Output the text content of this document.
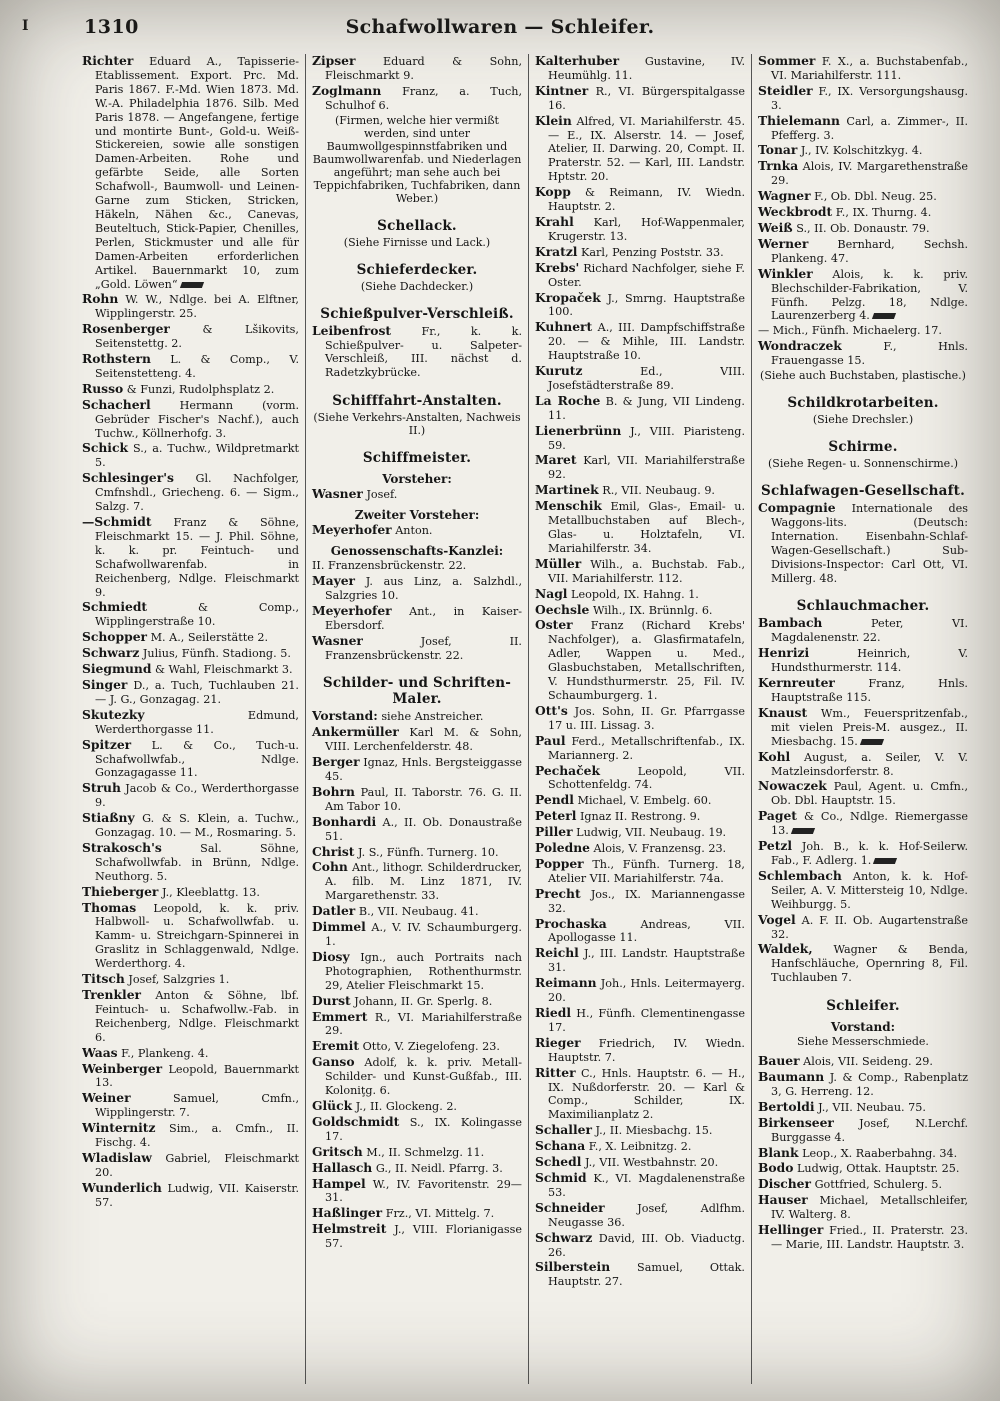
I	1310	Schafwollwaren — Schleifer.
Richter Eduard A., Tapisserie-Etablissement. Export. Prc. Md. Paris 1867. F.-Md. Wien 1873. Md. W.-A. Philadelphia 1876. Silb. Med Paris 1878. — Angefangene, fertige und montirte Bunt-, Gold-u. Weiß-Stickereien, sowie alle sonstigen Damen-Arbeiten. Rohe und gefärbte Seide, alle Sorten Schafwoll-, Baumwoll- und Leinen-Garne zum Sticken, Stricken, Häkeln, Nähen &c., Canevas, Beuteltuch, Stick-Papier, Chenilles, Perlen, Stickmuster und alle für Damen-Arbeiten erforderlichen Artikel. Bauernmarkt 10, zum „Gold. Löwen“
Rohn W. W., Ndlge. bei A. Elftner, Wipplingerstr. 25.
Rosenberger	& Lšikovits, Seitenstettg. 2.
Rothstern L. & Comp., V. Seitenstetteng. 4.
Russo & Funzi, Rudolphsplatz 2.
Schacherl	Hermann (vorm. Gebrüder Fischer's Nachf.), auch Tuchw., Köllnerhofg. 3.
Schick S., a. Tuchw., Wildpretmarkt 5.
Schlesinger's Gl. Nachfolger, Cmfnshdl., Griecheng. 6. — Sigm., Salzg. 7.
—Schmidt Franz & Söhne, Fleischmarkt 15. — J. Phil. Söhne, k. k. pr. Feintuch- und Schafwollwarenfab. in Reichenberg, Ndlge. Fleischmarkt 9.
Schmiedt	& Comp., Wipplingerstraße 10.
Schopper M. A., Seilerstätte 2.
Schwarz Julius, Fünfh. Stadiong. 5.
Siegmund & Wahl, Fleischmarkt 3.
Singer D., a. Tuch, Tuchlauben 21. — J. G., Gonzagag. 21.
Skutezky	Edmund, Werderthorgasse 11.
Spitzer L. & Co., Tuch-u. Schafwollwfab., Ndlge. Gonzagagasse 11.
Struh Jacob & Co., Werderthorgasse 9.
Stiaßny G. & S. Klein, a. Tuchw., Gonzagag. 10. — M., Rosmaring. 5.
Strakosch's	Sal. Söhne, Schafwollwfab. in Brünn, Ndlge. Neuthorg. 5.
Thieberger J., Kleeblattg. 13.
Thomas Leopold, k. k. priv. Halbwoll- u. Schafwollwfab. u. Kamm- u. Streichgarn-Spinnerei in Graslitz in Schlaggenwald, Ndlge. Werderthorg. 4.
Titsch Josef, Salzgries 1.
Trenkler Anton & Söhne, lbf. Feintuch- u. Schafwollw.-Fab. in Reichenberg, Ndlge. Fleischmarkt 6.
Waas F., Plankeng. 4.
Weinberger Leopold, Bauernmarkt 13.
Weiner	Samuel, Cmfn., Wipplingerstr. 7.
Winternitz Sim., a. Cmfn., II. Fischg. 4.
Wladislaw Gabriel, Fleischmarkt 20.
Wunderlich Ludwig, VII. Kaiserstr. 57.
Zipser Eduard & Sohn, Fleischmarkt 9.
Zoglmann Franz, a. Tuch, Schulhof 6.
(Firmen, welche hier vermißt werden, sind unter Baumwollgespinnstfabriken und Baumwollwarenfab. und Niederlagen angeführt; man sehe auch bei Teppichfabriken, Tuchfabriken, dann Weber.)
Schellack.
(Siehe Firnisse und Lack.)
Schieferdecker.
(Siehe Dachdecker.)
Schießpulver-Verschleiß.
Leibenfrost	Fr., k. k. Schießpulver- u. Salpeter-Verschleiß, III. nächst d. Radetzkybrücke.
Schifffahrt-Anstalten.
(Siehe Verkehrs-Anstalten, Nachweis II.)
Schiffmeister.
Vorsteher:
Wasner Josef.
Zweiter Vorsteher:
Meyerhofer Anton.
Genossenschafts-Kanzlei:
II. Franzensbrückenstr. 22.
Mayer J. aus Linz, a. Salzhdl., Salzgries 10.
Meyerhofer Ant., in Kaiser-Ebersdorf.
Wasner	Josef, II. Franzensbrückenstr. 22.
Schilder- und Schriften-Maler.
Vorstand: siehe Anstreicher.
Ankermüller Karl M. & Sohn, VIII. Lerchenfelderstr. 48.
Berger Ignaz, Hnls. Bergsteiggasse 45.
Bohrn Paul, II. Taborstr. 76. G. II. Am Tabor 10.
Bonhardi A., II. Ob. Donaustraße 51.
Christ J. S., Fünfh. Turnerg. 10.
Cohn Ant., lithogr. Schilderdrucker, A. filb. M. Linz 1871, IV. Margarethenstr. 33.
Datler B., VII. Neubaug. 41.
Dimmel A., V. IV. Schaumburgerg. 1.
Diosy Ign., auch Portraits nach Photographien, Rothenthurmstr. 29, Atelier Fleischmarkt 15.
Durst Johann, II. Gr. Sperlg. 8.
Emmert R., VI. Mariahilferstraße 29.
Eremit Otto, V. Ziegelofeng. 23.
Ganso Adolf, k. k. priv. Metall-Schilder- und Kunst-Gußfab., III. Koloniţg. 6.
Glück J., II. Glockeng. 2.
Goldschmidt S., IX. Kolingasse 17.
Gritsch M., II. Schmelzg. 11.
Hallasch G., II. Neidl. Pfarrg. 3.
Hampel W., IV. Favoritenstr. 29—31.
Haßlinger Frz., VI. Mittelg. 7.
Helmstreit J., VIII. Florianigasse 57.
Kalterhuber Gustavine, IV. Heumühlg. 11.
Kintner R., VI. Bürgerspitalgasse 16.
Klein Alfred, VI. Mariahilferstr. 45. — E., IX. Alserstr. 14. — Josef, Atelier, II. Darwing. 20, Compt. II. Praterstr. 52. — Karl, III. Landstr. Hptstr. 20.
Kopp & Reimann, IV. Wiedn. Hauptstr. 2.
Krahl Karl, Hof-Wappenmaler, Krugerstr. 13.
Kratzl Karl, Penzing Poststr. 33.
Krebs' Richard Nachfolger, siehe F. Oster.
Kropaček J., Smrng. Hauptstraße 100.
Kuhnert A., III. Dampfschiffstraße 20. — & Mihle, III. Landstr. Hauptstraße 10.
Kurutz	Ed., VIII. Josefstädterstraße 89.
La Roche B. & Jung, VII Lindeng. 11.
Lienerbrünn J., VIII. Piaristeng. 59.
Maret Karl, VII. Mariahilferstraße 92.
Martinek R., VII. Neubaug. 9.
Menschik Emil, Glas-, Email- u. Metallbuchstaben auf Blech-, Glas- u. Holztafeln, VI. Mariahilferstr. 34.
Müller Wilh., a. Buchstab. Fab., VII. Mariahilferstr. 112.
Nagl Leopold, IX. Hahng. 1.
Oechsle Wilh., IX. Brünnlg. 6.
Oster Franz (Richard Krebs' Nachfolger), a. Glasfirmatafeln, Adler, Wappen u. Med., Glasbuchstaben, Metallschriften, V. Hundsthurmerstr. 25, Fil. IV. Schaumburgerg. 1.
Ott's Jos. Sohn, II. Gr. Pfarrgasse 17 u. III. Lissag. 3.
Paul Ferd., Metallschriftenfab., IX. Mariannerg. 2.
Pechaček	Leopold, VII. Schottenfeldg. 74.
Pendl Michael, V. Embelg. 60.
Peterl Ignaz II. Restrong. 9.
Piller Ludwig, VII. Neubaug. 19.
Poledne Alois, V. Franzensg. 23.
Popper Th., Fünfh. Turnerg. 18, Atelier VII. Mariahilferstr. 74a.
Precht Jos., IX. Mariannengasse 32.
Prochaska	Andreas, VII. Apollogasse 11.
Reichl J., III. Landstr. Hauptstraße 31.
Reimann Joh., Hnls. Leitermayerg. 20.
Riedl H., Fünfh. Clementinengasse 17.
Rieger Friedrich, IV. Wiedn. Hauptstr. 7.
Ritter C., Hnls. Hauptstr. 6. — H., IX. Nußdorferstr. 20. — Karl & Comp., Schilder, IX. Maximilianplatz 2.
Schaller J., II. Miesbachg. 15.
Schana F., X. Leibnitzg. 2.
Schedl J., VII. Westbahnstr. 20.
Schmid K., VI. Magdalenenstraße 53.
Schneider	Josef, Adlfhm. Neugasse 36.
Schwarz David, III. Ob. Viaductg. 26.
Silberstein Samuel, Ottak. Hauptstr. 27.
Sommer F. X., a. Buchstabenfab., VI. Mariahilferstr. 111.
Steidler F., IX. Versorgungshausg. 3.
Thielemann Carl, a. Zimmer-, II. Pfefferg. 3.
Tonar J., IV. Kolschitzkyg. 4.
Trnka Alois, IV. Margarethenstraße 29.
Wagner F., Ob. Dbl. Neug. 25.
Weckbrodt F., IX. Thurng. 4.
Weiß S., II. Ob. Donaustr. 79.
Werner	Bernhard, Sechsh. Plankeng. 47.
Winkler Alois, k. k. priv. Blechschilder-Fabrikation, V. Fünfh. Pelzg. 18, Ndlge. Laurenzerberg 4.
— Mich., Fünfh. Michaelerg. 17.
Wondraczek	F., Hnls. Frauengasse 15.
(Siehe auch Buchstaben, plastische.)
Schildkrotarbeiten.
(Siehe Drechsler.)
Schirme.
(Siehe Regen- u. Sonnenschirme.)
Schlafwagen-Gesellschaft.
Compagnie Internationale des Waggons-lits. (Deutsch: Internation. Eisenbahn-Schlaf-Wagen-Gesellschaft.) Sub-Divisions-Inspector: Carl Ott, VI. Millerg. 48.
Schlauchmacher.
Bambach	Peter, VI. Magdalenenstr. 22.
Henrizi	Heinrich, V. Hundsthurmerstr. 114.
Kernreuter	Franz, Hnls. Hauptstraße 115.
Knaust Wm., Feuerspritzenfab., mit vielen Preis-M. ausgez., II. Miesbachg. 15.
Kohl August, a. Seiler, V. V. Matzleinsdorferstr. 8.
Nowaczek Paul, Agent. u. Cmfn., Ob. Dbl. Hauptstr. 15.
Paget & Co., Ndlge. Riemergasse 13.
Petzl Joh. B., k. k. Hof-Seilerw. Fab., F. Adlerg. 1.
Schlembach Anton, k. k. Hof-Seiler, A. V. Mittersteig 10, Ndlge. Weihburgg. 5.
Vogel A. F. II. Ob. Augartenstraße 32.
Waldek, Wagner & Benda, Hanfschläuche, Opernring 8, Fil. Tuchlauben 7.
Schleifer.
Vorstand:
Siehe Messerschmiede.
Bauer Alois, VII. Seideng. 29.
Baumann J. & Comp., Rabenplatz 3, G. Herreng. 12.
Bertoldi J., VII. Neubau. 75.
Birkenseer Josef, N.Lerchf. Burggasse 4.
Blank Leop., X. Raaberbahng. 34.
Bodo Ludwig, Ottak. Hauptstr. 25.
Discher Gottfried, Schulerg. 5.
Hauser Michael, Metallschleifer, IV. Walterg. 8.
Hellinger Fried., II. Praterstr. 23. — Marie, III. Landstr. Hauptstr. 3.
